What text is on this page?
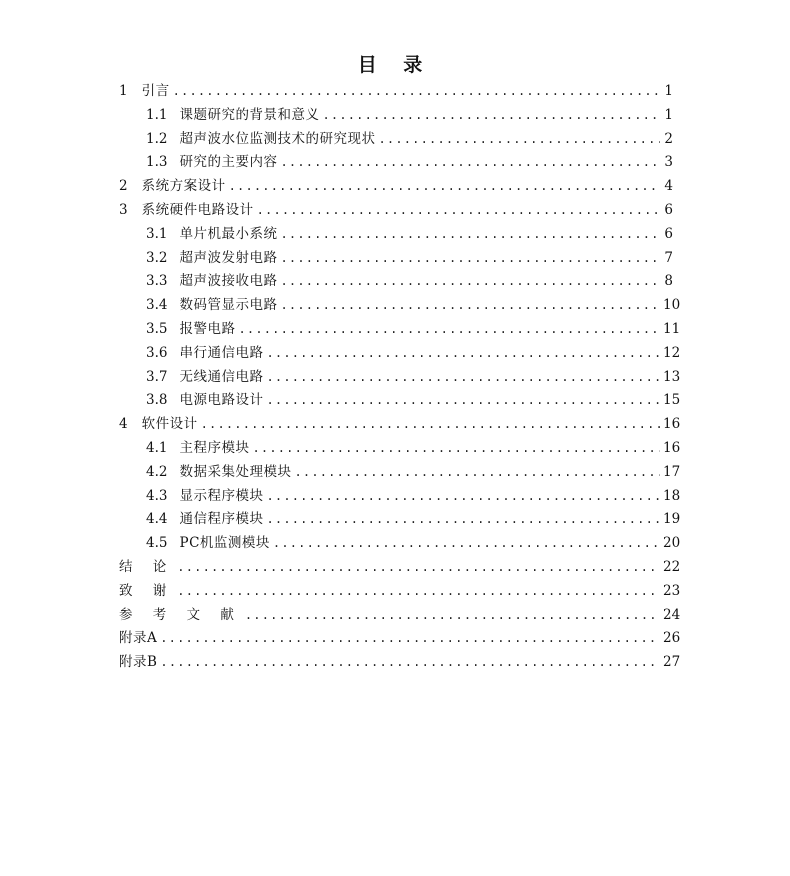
目 录
1 引言 .....	1
1.1 课题研究的背景和意义 .....	1
1.2 超声波水位监测技术的研究现状 .....	2
1.3 研究的主要内容 .....	3
2 系统方案设计 .....	4
3 系统硬件电路设计 .....	6
3.1 单片机最小系统 .....	6
3.2 超声波发射电路 .....	7
3.3 超声波接收电路 .....	8
3.4 数码管显示电路 .....	10
3.5 报警电路 .....	11
3.6 串行通信电路 .....	12
3.7 无线通信电路 .....	13
3.8 电源电路设计 .....	15
4 软件设计 .....	16
4.1 主程序模块 .....	16
4.2 数据采集处理模块 .....	17
4.3 显示程序模块 .....	18
4.4 通信程序模块 .....	19
4.5 PC机监测模块 .....	20
结 论 .....	22
致 谢 .....	23
参 考 文 献 .....	24
附录A .....	26
附录B .....	27
